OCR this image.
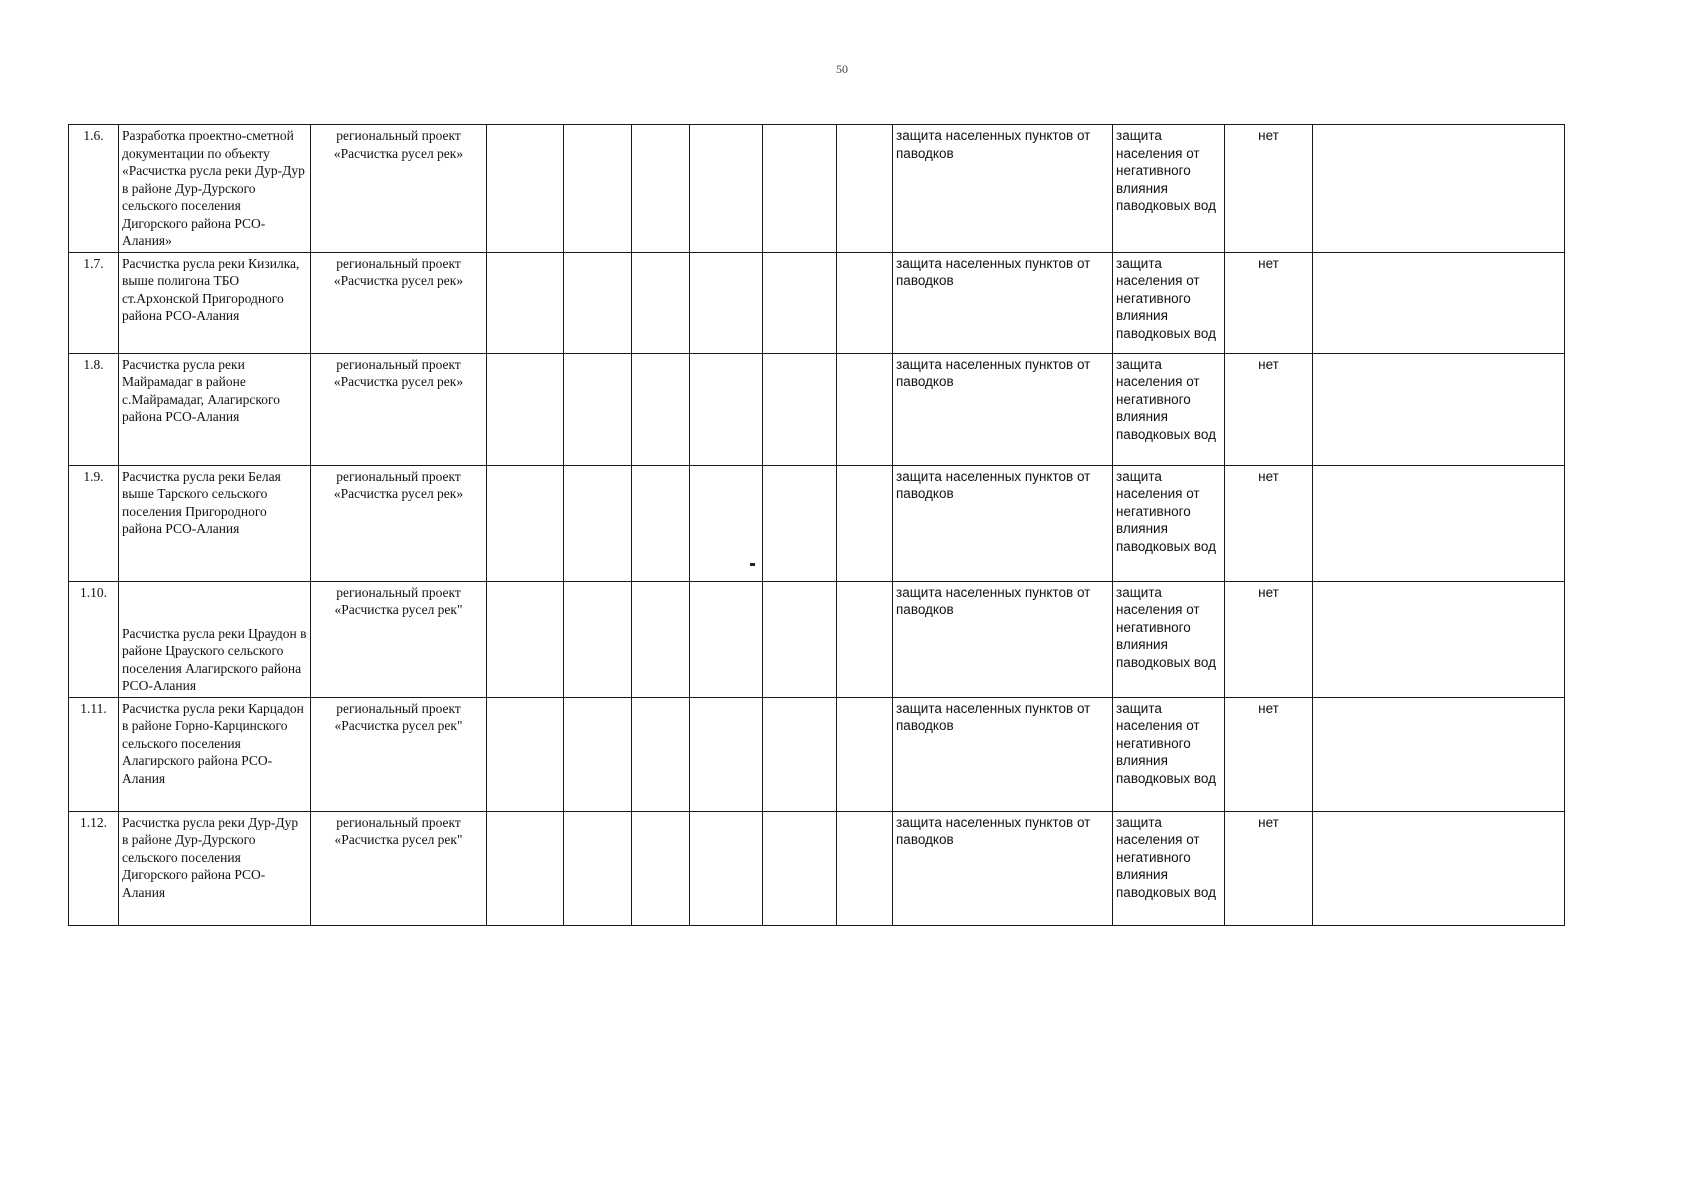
50
1.6.	Разработка проектно-сметной документации по объекту «Расчистка русла реки Дур-Дур в районе Дур-Дурского сельского поселения Дигорского района РСО-Алания»	региональный проект «Расчистка русел рек»							защита населенных пунктов от паводков	защита населения от негативного влияния паводковых вод	нет	
1.7.	Расчистка русла реки Кизилка, выше полигона ТБО ст.Архонской Пригородного района РСО-Алания	региональный проект «Расчистка русел рек»							защита населенных пунктов от паводков	защита населения от негативного влияния паводковых вод	нет	
1.8.	Расчистка русла реки Майрамадаг в районе с.Майрамадаг, Алагирского района РСО-Алания	региональный проект «Расчистка русел рек»							защита населенных пунктов от паводков	защита населения от негативного влияния паводковых вод	нет	
1.9.	Расчистка русла реки Белая выше Тарского сельского поселения Пригородного района РСО-Алания	региональный проект «Расчистка русел рек»							защита населенных пунктов от паводков	защита населения от негативного влияния паводковых вод	нет	
1.10.	Расчистка русла реки Цраудон в районе Црауского сельского поселения Алагирского района РСО-Алания	региональный проект «Расчистка русел рек"							защита населенных пунктов от паводков	защита населения от негативного влияния паводковых вод	нет	
1.11.	Расчистка русла реки Карцадон в районе Горно-Карцинского сельского поселения Алагирского района РСО-Алания	региональный проект «Расчистка русел рек"							защита населенных пунктов от паводков	защита населения от негативного влияния паводковых вод	нет	
1.12.	Расчистка русла реки Дур-Дур в районе Дур-Дурского сельского поселения Дигорского района РСО-Алания	региональный проект «Расчистка русел рек"							защита населенных пунктов от паводков	защита населения от негативного влияния паводковых вод	нет	
